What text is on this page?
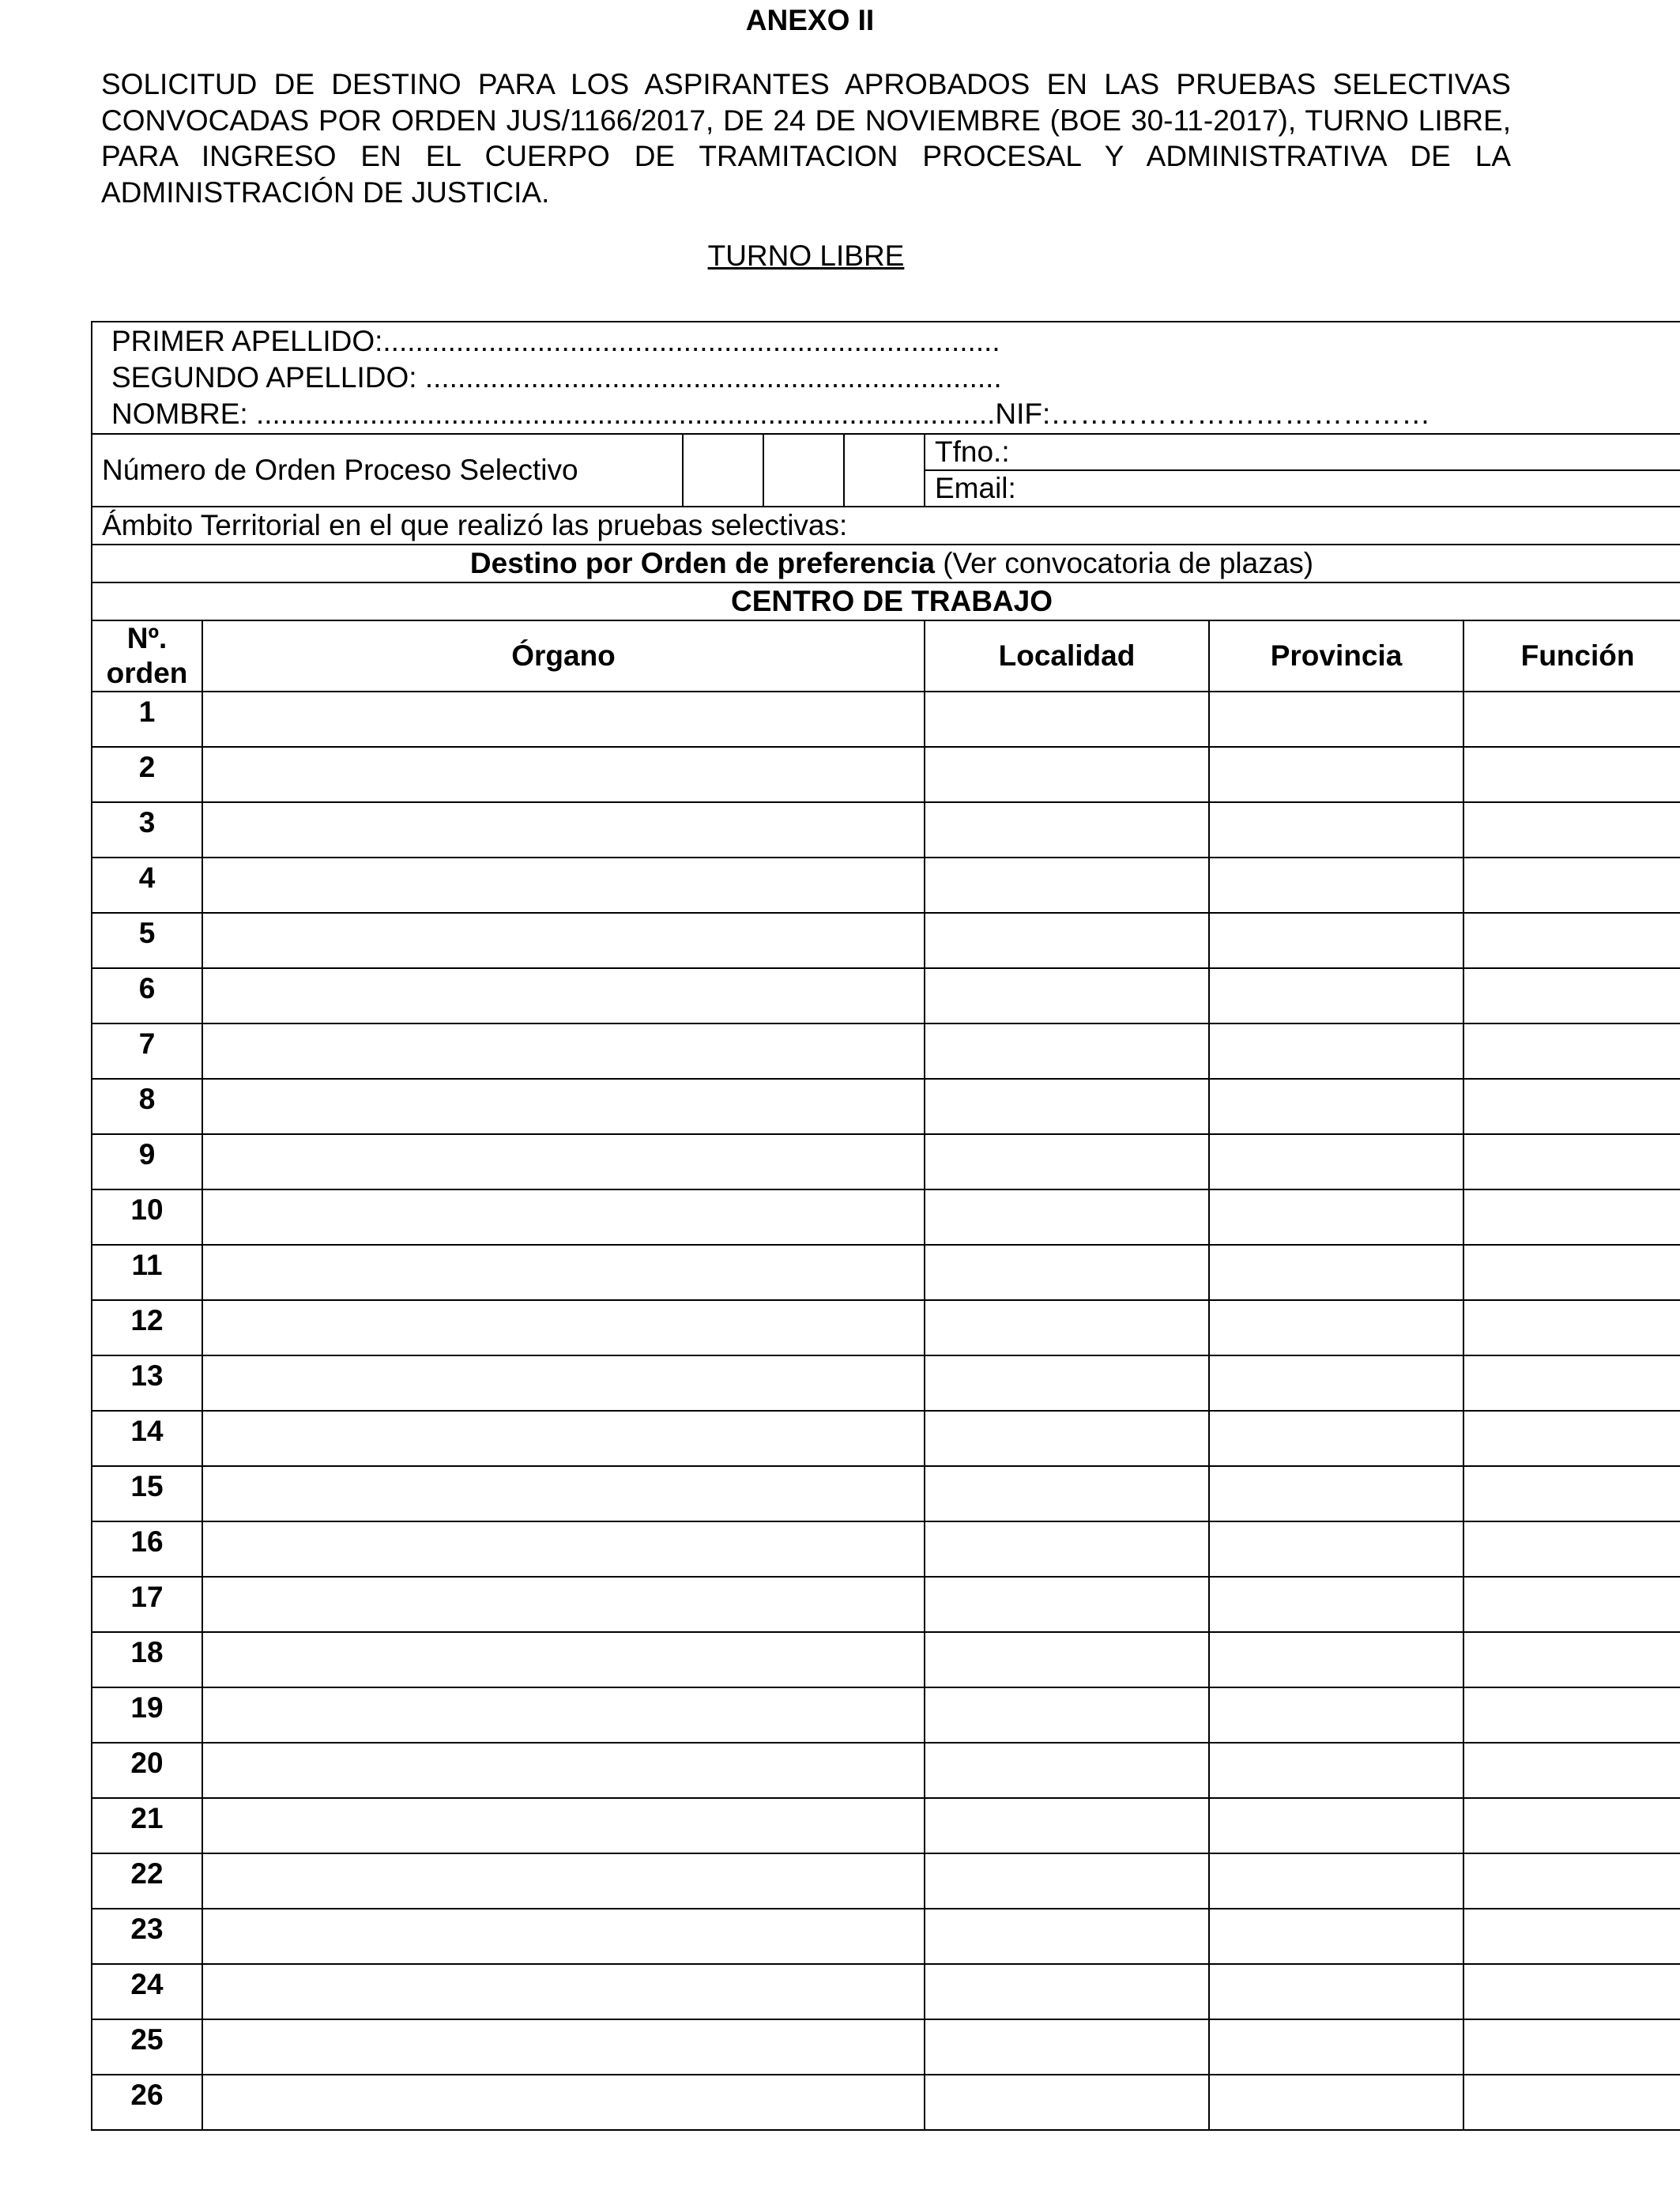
ANEXO II
SOLICITUD DE DESTINO PARA LOS ASPIRANTES APROBADOS EN LAS PRUEBAS SELECTIVAS CONVOCADAS POR ORDEN JUS/1166/2017, DE 24 DE NOVIEMBRE (BOE 30-11-2017), TURNO LIBRE, PARA INGRESO EN EL CUERPO DE TRAMITACION PROCESAL Y ADMINISTRATIVA DE LA ADMINISTRACIÓN DE JUSTICIA.
TURNO LIBRE
PRIMER APELLIDO:............................................................................
SEGUNDO APELLIDO: .......................................................................
NOMBRE: ...........................................................................................NIF:…………………………………							

Número de Orden Proceso Selectivo					Tfno.:
Email:		

Ámbito Territorial en el que realizó las pruebas selectivas:							
Destino por Orden de preferencia (Ver convocatoria de plazas)							
CENTRO DE TRABAJO							
Nº. orden	Órgano				Localidad	Provincia	Función
1							
2							
3							
4							
5							
6							
7							
8							
9							
10							
11							
12							
13							
14							
15							
16							
17							
18							
19							
20							
21							
22							
23							
24							
25							
26							
